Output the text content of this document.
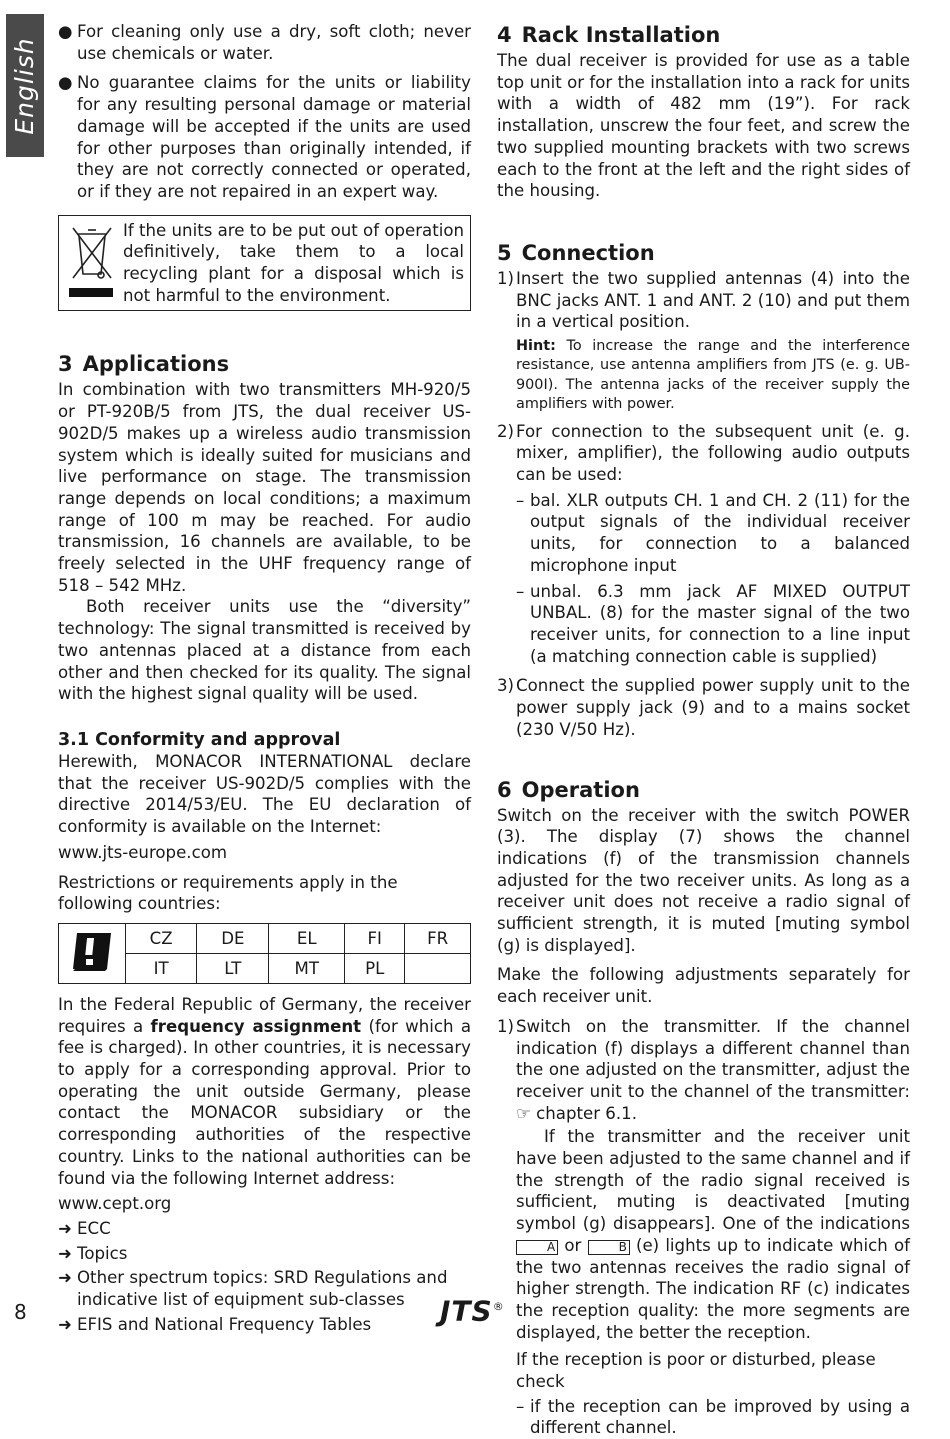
English
● For cleaning only use a dry, soft cloth; never use chemicals or water.
● No guarantee claims for the units or liability for any resulting personal damage or material damage will be accepted if the units are used for other purposes than originally intended, if they are not correctly connected or operated, or if they are not repaired in an expert way.
If the units are to be put out of operation definitively, take them to a local recycling plant for a disposal which is not harmful to the environment.
3 Applications

In combination with two transmitters MH-920/5 or PT-920B/5 from JTS, the dual receiver US-902D/5 makes up a wireless audio transmission system which is ideally suited for musicians and live performance on stage. The transmission range depends on local conditions; a maximum range of 100 m may be reached. For audio transmission, 16 channels are available, to be freely selected in the UHF frequency range of 518 – 542 MHz.

Both receiver units use the “diversity” technology: The signal transmitted is received by two antennas placed at a distance from each other and then checked for its quality. The signal with the highest signal quality will be used.

3.1 Conformity and approval

Herewith, MONACOR INTERNATIONAL declare that the receiver US-902D/5 complies with the directive 2014/53/EU. The EU declaration of conformity is available on the Internet:

www.jts-europe.com

Restrictions or requirements apply in the following countries:

	CZ	DE	EL	FI	FR
	IT	LT	MT	PL	

In the Federal Republic of Germany, the receiver requires a frequency assignment (for which a fee is charged). In other countries, it is necessary to apply for a corresponding approval. Prior to operating the unit outside Germany, please contact the MONACOR subsidiary or the corresponding authorities of the respective country. Links to the national authorities can be found via the following Internet address:

www.cept.org

➜ ECC
➜ Topics
➜ Other spectrum topics: SRD Regulations and indicative list of equipment sub-classes
➜ EFIS and National Frequency Tables
4 Rack Installation

The dual receiver is provided for use as a table top unit or for the installation into a rack for units with a width of 482 mm (19”). For rack installation, unscrew the four feet, and screw the two supplied mounting brackets with two screws each to the front at the left and the right sides of the housing.

5 Connection
1) Insert the two supplied antennas (4) into the BNC jacks ANT. 1 and ANT. 2 (10) and put them in a vertical position.

Hint: To increase the range and the interference resistance, use antenna amplifiers from JTS (e. g. UB-900I). The antenna jacks of the receiver supply the amplifiers with power.

2) For connection to the subsequent unit (e. g. mixer, amplifier), the following audio outputs can be used:
– bal. XLR outputs CH. 1 and CH. 2 (11) for the output signals of the individual receiver units, for connection to a balanced microphone input
– unbal. 6.3 mm jack AF MIXED OUTPUT UNBAL. (8) for the master signal of the two receiver units, for connection to a line input (a matching connection cable is supplied)
3) Connect the supplied power supply unit to the power supply jack (9) and to a mains socket (230 V/50 Hz).
6 Operation

Switch on the receiver with the switch POWER (3). The display (7) shows the channel indications (f) of the transmission channels adjusted for the two receiver units. As long as a receiver unit does not receive a radio signal of sufficient strength, it is muted [muting symbol (g) is displayed].

Make the following adjustments separately for each receiver unit.

1) Switch on the transmitter. If the channel indication (f) displays a different channel than the one adjusted on the transmitter, adjust the receiver unit to the channel of the transmitter: ☞ chapter 6.1.

If the transmitter and the receiver unit have been adjusted to the same channel and if the strength of the radio signal received is sufficient, muting is deactivated [muting symbol (g) disappears]. One of the indications A or	B (e) lights up to indicate which of the two antennas receives the radio signal of higher strength. The indication RF (c) indicates the reception quality: the more segments are displayed, the better the reception.

If the reception is poor or disturbed, please check

– if the reception can be improved by using a different channel.
8	JTS®
